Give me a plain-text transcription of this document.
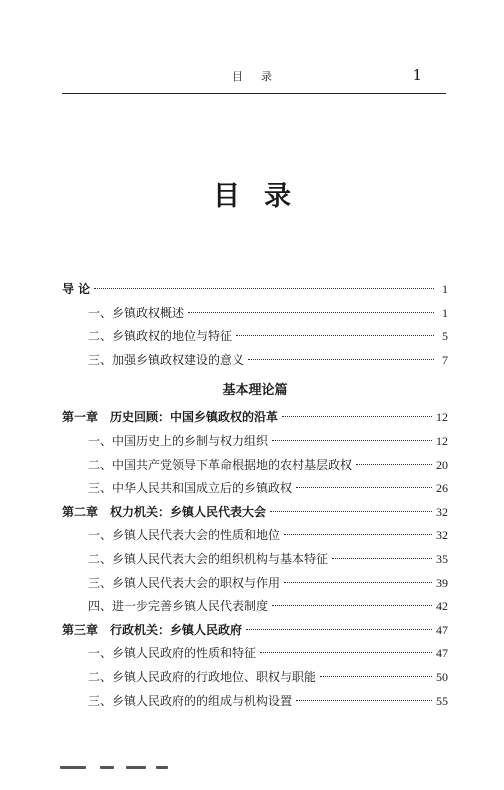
目录	1
目录
导 论	1
一、乡镇政权概述	1
二、乡镇政权的地位与特征	5
三、加强乡镇政权建设的意义	7
基本理论篇
第一章　历史回顾：中国乡镇政权的沿革	12
一、中国历史上的乡制与权力组织	12
二、中国共产党领导下革命根据地的农村基层政权	20
三、中华人民共和国成立后的乡镇政权	26
第二章　权力机关：乡镇人民代表大会	32
一、乡镇人民代表大会的性质和地位	32
二、乡镇人民代表大会的组织机构与基本特征	35
三、乡镇人民代表大会的职权与作用	39
四、进一步完善乡镇人民代表制度	42
第三章　行政机关：乡镇人民政府	47
一、乡镇人民政府的性质和特征	47
二、乡镇人民政府的行政地位、职权与职能	50
三、乡镇人民政府的的组成与机构设置	55
